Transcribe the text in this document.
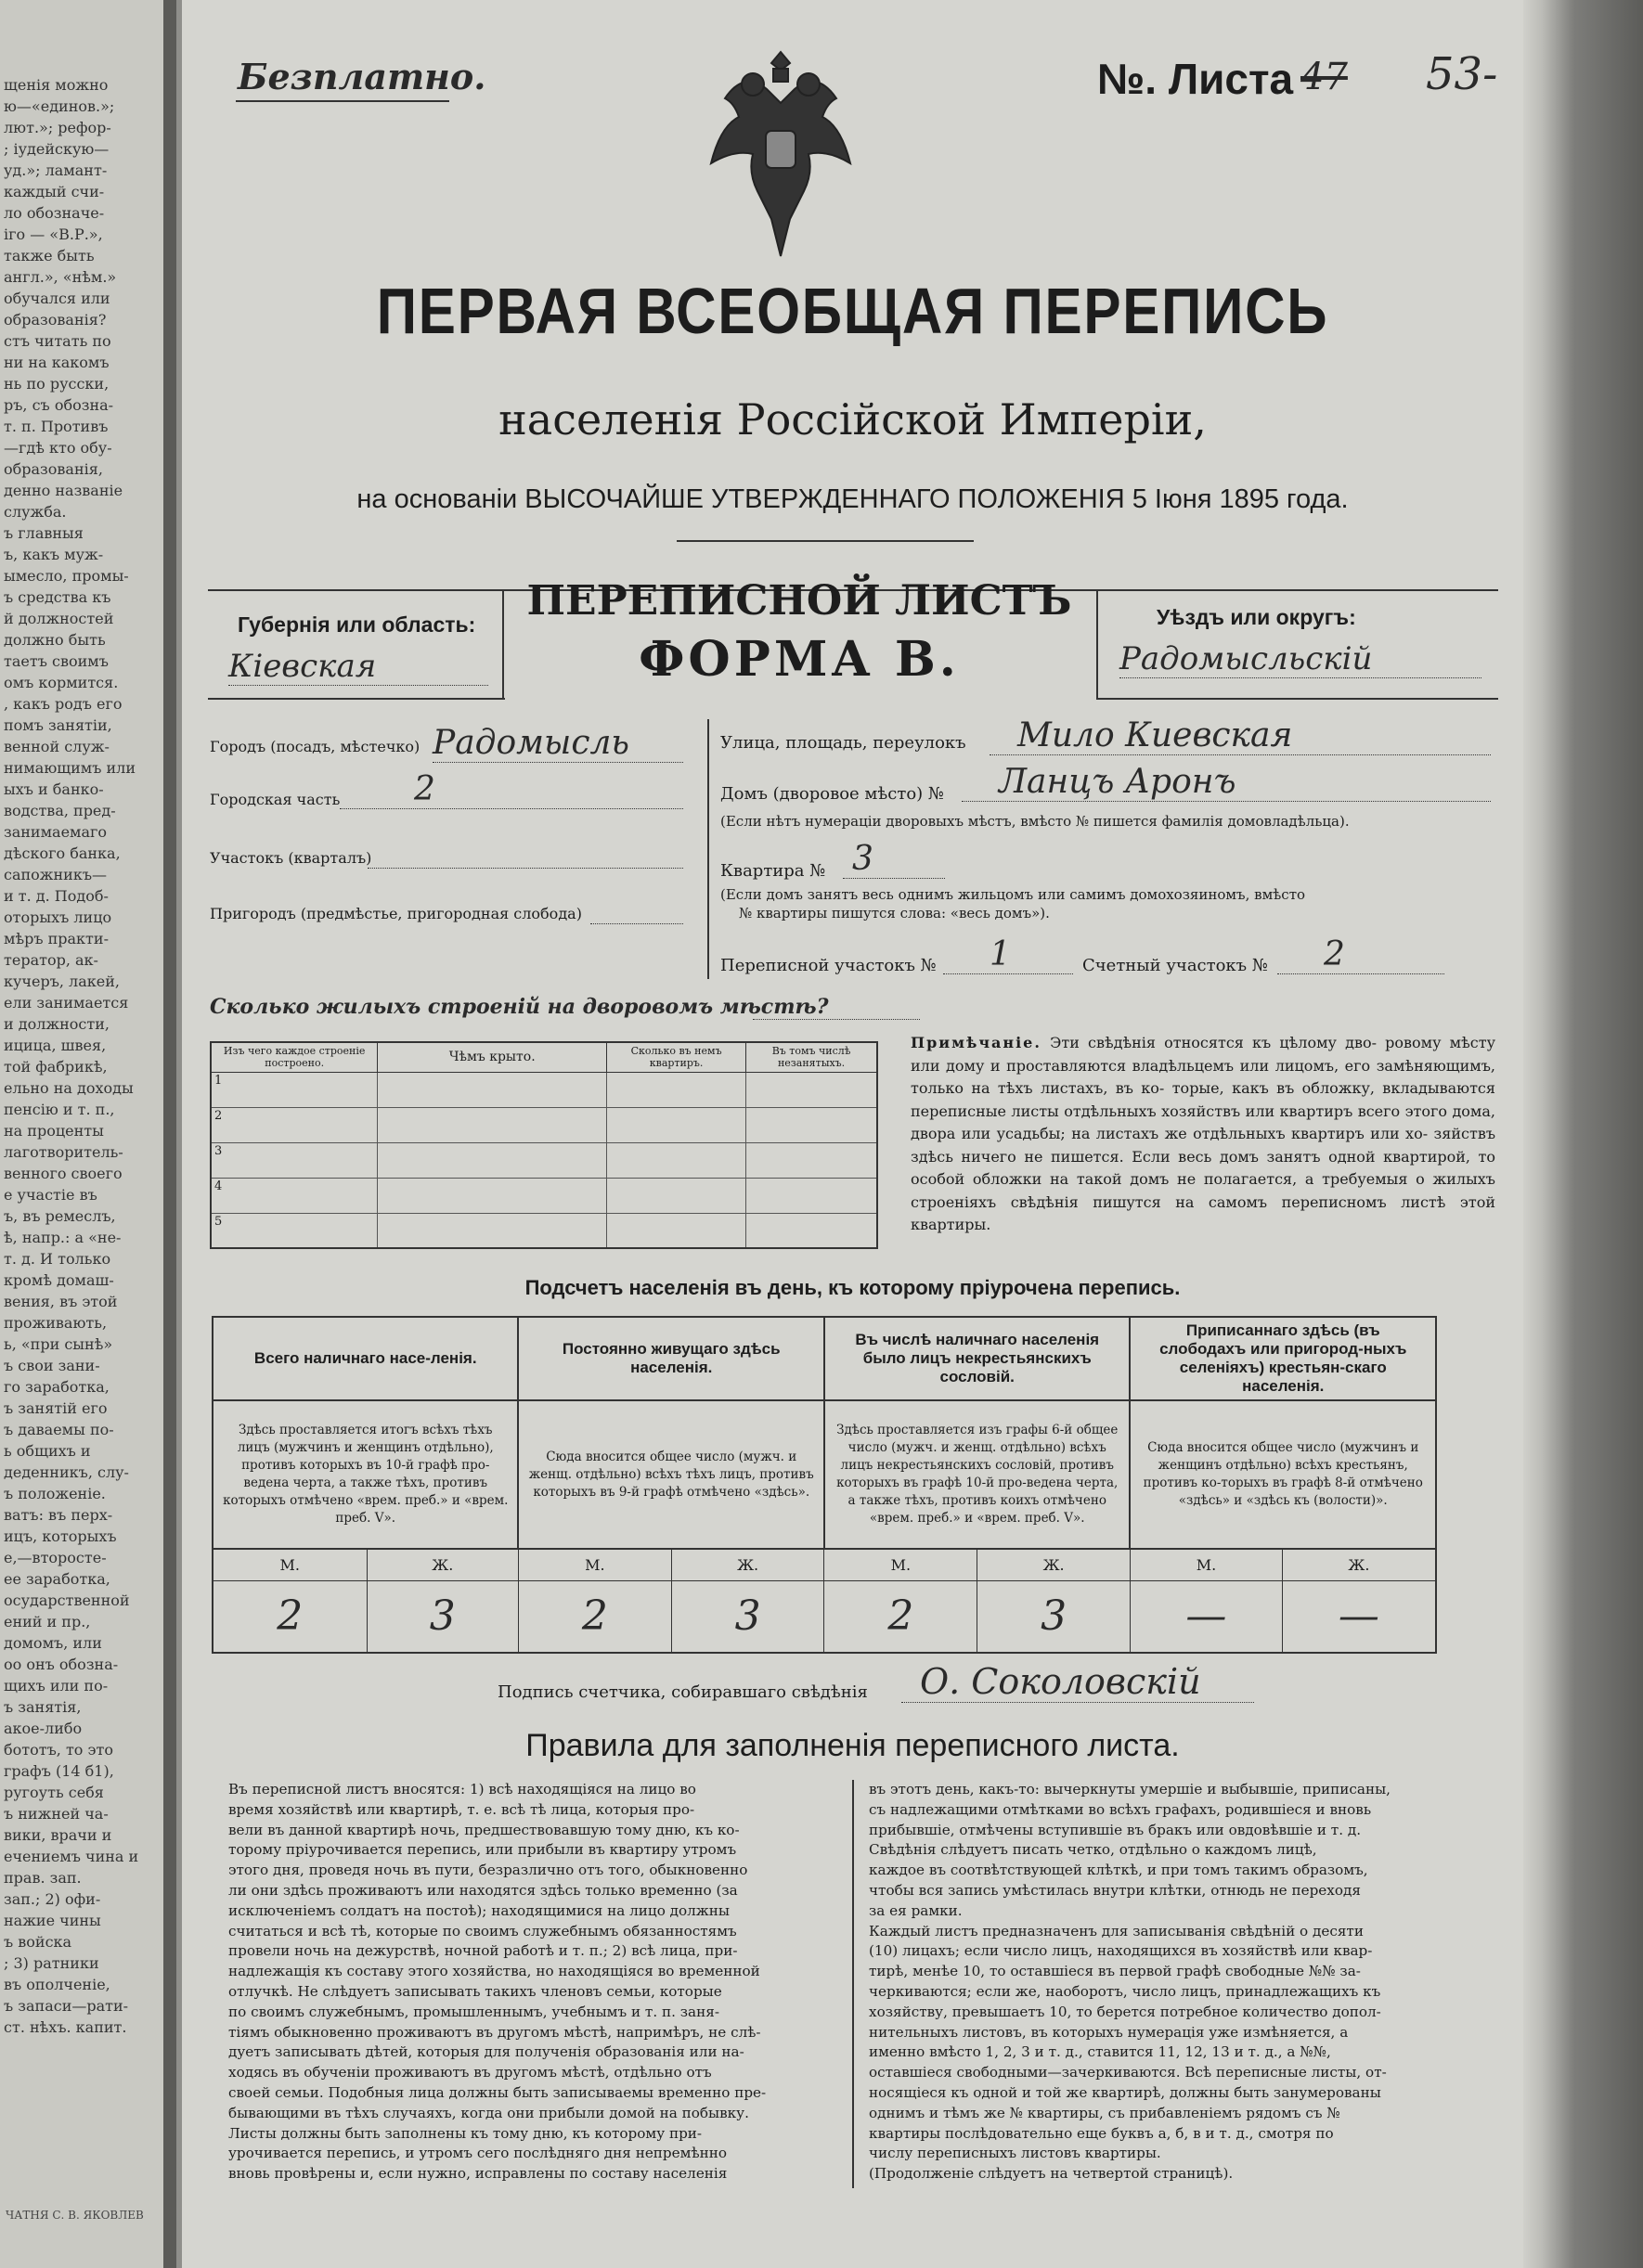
щенія можно
ю—«единов.»;
лют.»; рефор-
; іудейскую—
уд.»; ламант-
каждый счи-
ло обозначе-
іго — «В.Р.»,
такжe быть
англ.», «нѣм.»
обучался или
образованія?
стъ читать по
ни на какомъ
нь по русски,
ръ, съ обозна-
т. п. Противъ
—гдѣ кто обу-
образованія,
денно названіе
служба.
ъ главныя
ъ, какъ муж-
ымесло, промы-
ъ средства къ
й должностей
должно быть
таетъ своимъ
омъ кормится.
, какъ родъ его
помъ занятіи,
венной служ-
нимающимъ или
ыхъ и банко-
водства, пред-
занимаемаго
дѣского банка,
сапожникъ—
и т. д. Подоб-
оторыхъ лицо
мѣръ практи-
тератор, ак-
кучеръ, лакей,
ели занимается
и должности,
ицица, швея,
той фабрикѣ,
ельно на доходы
пенсію и т. п.,
на проценты
лаготворитель-
венного своего
е участіе въ
ъ, въ ремеслъ,
ѣ, напр.: а «не-
т. д. И только
кромѣ домаш-
вения, въ этой
проживають,
ь, «при сынѣ»
ъ свои зани-
го заработка,
ъ занятій его
ъ даваемы по-
ь общихъ и
деденникъ, слу-
ъ положеніе.
ватъ: въ перх-
ицъ, которыхъ
е,—второсте-
ее заработка,
осударственной
ений и пр.,
домомъ, или
оо онъ обозна-
щихъ или по-
ъ занятія,
акое-либо
бототъ, то это
графъ (14 б1),
ругоуть себя
ъ нижней ча-
вики, врачи и
ечениемъ чина и
прав. зап.
зап.; 2) офи-
нажие чины
ъ войска
; 3) ратники
въ ополченіе,
ъ запаси—рати-
ст. нѣхъ. капит.
ЧАТНЯ С. В. ЯКОВЛЕВ
Безплатно.	№. Листа 47 53-
ПЕРВАЯ ВСЕОБЩАЯ ПЕРЕПИСЬ
населенія Россійской Имперіи,
на основаніи ВЫСОЧАЙШЕ УТВЕРЖДЕННАГО ПОЛОЖЕНІЯ 5 Іюня 1895 года.
Губернія или область:
Кіевская
ПЕРЕПИСНОЙ ЛИСТЪ
ФОРМА В.
Уѣздъ или округъ:
Радомысльскій
Городъ (посадъ, мѣстечко) Радомысль
Городская часть	2
Участокъ (кварталъ)
Пригородъ (предмѣстье, пригородная слобода)
Улица, площадь, переулокъ	Мило Киевская
Домъ (дворовое мѣсто) №	Ланцъ Аронъ
(Если нѣтъ нумераціи дворовыхъ мѣстъ, вмѣсто № пишется фамилія домовладѣльца).
Квартира № 3
(Если домъ занятъ весь однимъ жильцомъ или самимъ домохозяиномъ, вмѣсто
№ квартиры пишутся слова: «весь домъ»).
Переписной участокъ №	1	Счетный участокъ №	2
Сколько жилыхъ строеній на дворовомъ мѣстѣ?
Изъ чего каждое строеніе построено.	Чѣмъ крыто.	Сколько въ немъ квартиръ.	Въ томъ числѣ незанятыхъ.

1			
2			
3			
4			
5			
Примѣчаніе. Эти свѣдѣнія относятся къ цѣлому дво- ровому мѣсту или дому и проставляются владѣльцемъ или лицомъ, его замѣняющимъ, только на тѣхъ листахъ, въ ко- торые, какъ въ обложку, вкладываются переписные листы отдѣльныхъ хозяйствъ или квартиръ всего этого дома, двора или усадьбы; на листахъ же отдѣльныхъ квартиръ или хо- зяйствъ здѣсь ничего не пишется. Если весь домъ занятъ одной квартирой, то особой обложки на такой домъ не полагается, а требуемыя о жилыхъ строеніяхъ свѣдѣнія пишутся на самомъ переписномъ листѣ этой квартиры.
Подсчетъ населенія въ день, къ которому пріурочена перепись.
Всего наличнаго насе-ленія.		Постоянно живущаго здѣсь населенія.		Въ числѣ наличнаго населенія было лицъ некрестьянскихъ сословій.		Приписаннаго здѣсь (въ слободахъ или пригород-ныхъ селеніяхъ) крестьян-скаго населенія.	
Здѣсь проставляется итогъ всѣхъ тѣхъ лицъ (мужчинъ и женщинъ отдѣльно), противъ которыхъ въ 10-й графѣ про-ведена черта, а также тѣхъ, противъ которыхъ отмѣчено «врем. преб.» и «врем. преб. V».		Сюда вносится общее число (мужч. и женщ. отдѣльно) всѣхъ тѣхъ лицъ, противъ которыхъ въ 9-й графѣ отмѣчено «здѣсь».		Здѣсь проставляется изъ графы 6-й общее число (мужч. и женщ. отдѣльно) всѣхъ лицъ некрестьянскихъ сословій, противъ которыхъ въ графѣ 10-й про-ведена черта, а также тѣхъ, противъ коихъ отмѣчено «врем. преб.» и «врем. преб. V».		Сюда вносится общее число (мужчинъ и женщинъ отдѣльно) всѣхъ крестьянъ, противъ ко-торыхъ въ графѣ 8-й отмѣчено «здѣсь» и «здѣсь къ (волости)».	
М.	Ж.	М.	Ж.	М.	Ж.	М.	Ж.
2	3	2	3	2	3	—	—
Подпись счетчика, собиравшаго свѣдѣнія	О. Соколовскій
Правила для заполненія переписного листа.
Въ переписной листъ вносятся: 1) всѣ находящіяся на лицо во
время хозяйствѣ или квартирѣ, т. е. всѣ тѣ лица, которыя про-
вели въ данной квартирѣ ночь, предшествовавшую тому дню, къ ко-
торому пріурочивается перепись, или прибыли въ квартиру утромъ
этого дня, проведя ночь въ пути, безразлично отъ того, обыкновенно
ли они здѣсь проживаютъ или находятся здѣсь только временно (за
исключеніемъ солдатъ на постоѣ); находящимися на лицо должны
считаться и всѣ тѣ, которые по своимъ служебнымъ обязанностямъ
провели ночь на дежурствѣ, ночной работѣ и т. п.; 2) всѣ лица, при-
надлежащія къ составу этого хозяйства, но находящіяся во временной
отлучкѣ. Не слѣдуетъ записывать такихъ членовъ семьи, которые
по своимъ служебнымъ, промышленнымъ, учебнымъ и т. п. заня-
тіямъ обыкновенно проживаютъ въ другомъ мѣстѣ, напримѣръ, не слѣ-
дуетъ записывать дѣтей, которыя для полученія образованія или на-
ходясь въ обученіи проживаютъ въ другомъ мѣстѣ, отдѣльно отъ
своей семьи. Подобныя лица должны быть записываемы временно пре-
бывающими въ тѣхъ случаяхъ, когда они прибыли домой на побывку.
Листы должны быть заполнены къ тому дню, къ которому при-
урочивается перепись, и утромъ сего послѣдняго дня непремѣнно
вновь провѣрены и, если нужно, исправлены по составу населенія
въ этотъ день, какъ-то: вычеркнуты умершіе и выбывшіе, приписаны,
съ надлежащими отмѣтками во всѣхъ графахъ, родившіеся и вновь
прибывшіе, отмѣчены вступившіе въ бракъ или овдовѣвшіе и т. д.
Свѣдѣнія слѣдуетъ писать четко, отдѣльно о каждомъ лицѣ,
каждое въ соотвѣтствующей клѣткѣ, и при томъ такимъ образомъ,
чтобы вся запись умѣстилась внутри клѣтки, отнюдь не переходя
за ея рамки.
Каждый листъ предназначенъ для записыванія свѣдѣній о десяти
(10) лицахъ; если число лицъ, находящихся въ хозяйствѣ или квар-
тирѣ, менѣе 10, то оставшіеся въ первой графѣ свободные №№ за-
черкиваются; если же, наоборотъ, число лицъ, принадлежащихъ къ
хозяйству, превышаетъ 10, то берется потребное количество допол-
нительныхъ листовъ, въ которыхъ нумерація уже измѣняется, а
именно вмѣсто 1, 2, 3 и т. д., ставится 11, 12, 13 и т. д., а №№,
оставшіеся свободными—зачеркиваются. Всѣ переписные листы, от-
носящіеся къ одной и той же квартирѣ, должны быть занумерованы
однимъ и тѣмъ же № квартиры, съ прибавленіемъ рядомъ съ №
квартиры послѣдовательно еще буквъ а, б, в и т. д., смотря по
числу переписныхъ листовъ квартиры.
(Продолженіе слѣдуетъ на четвертой страницѣ).
